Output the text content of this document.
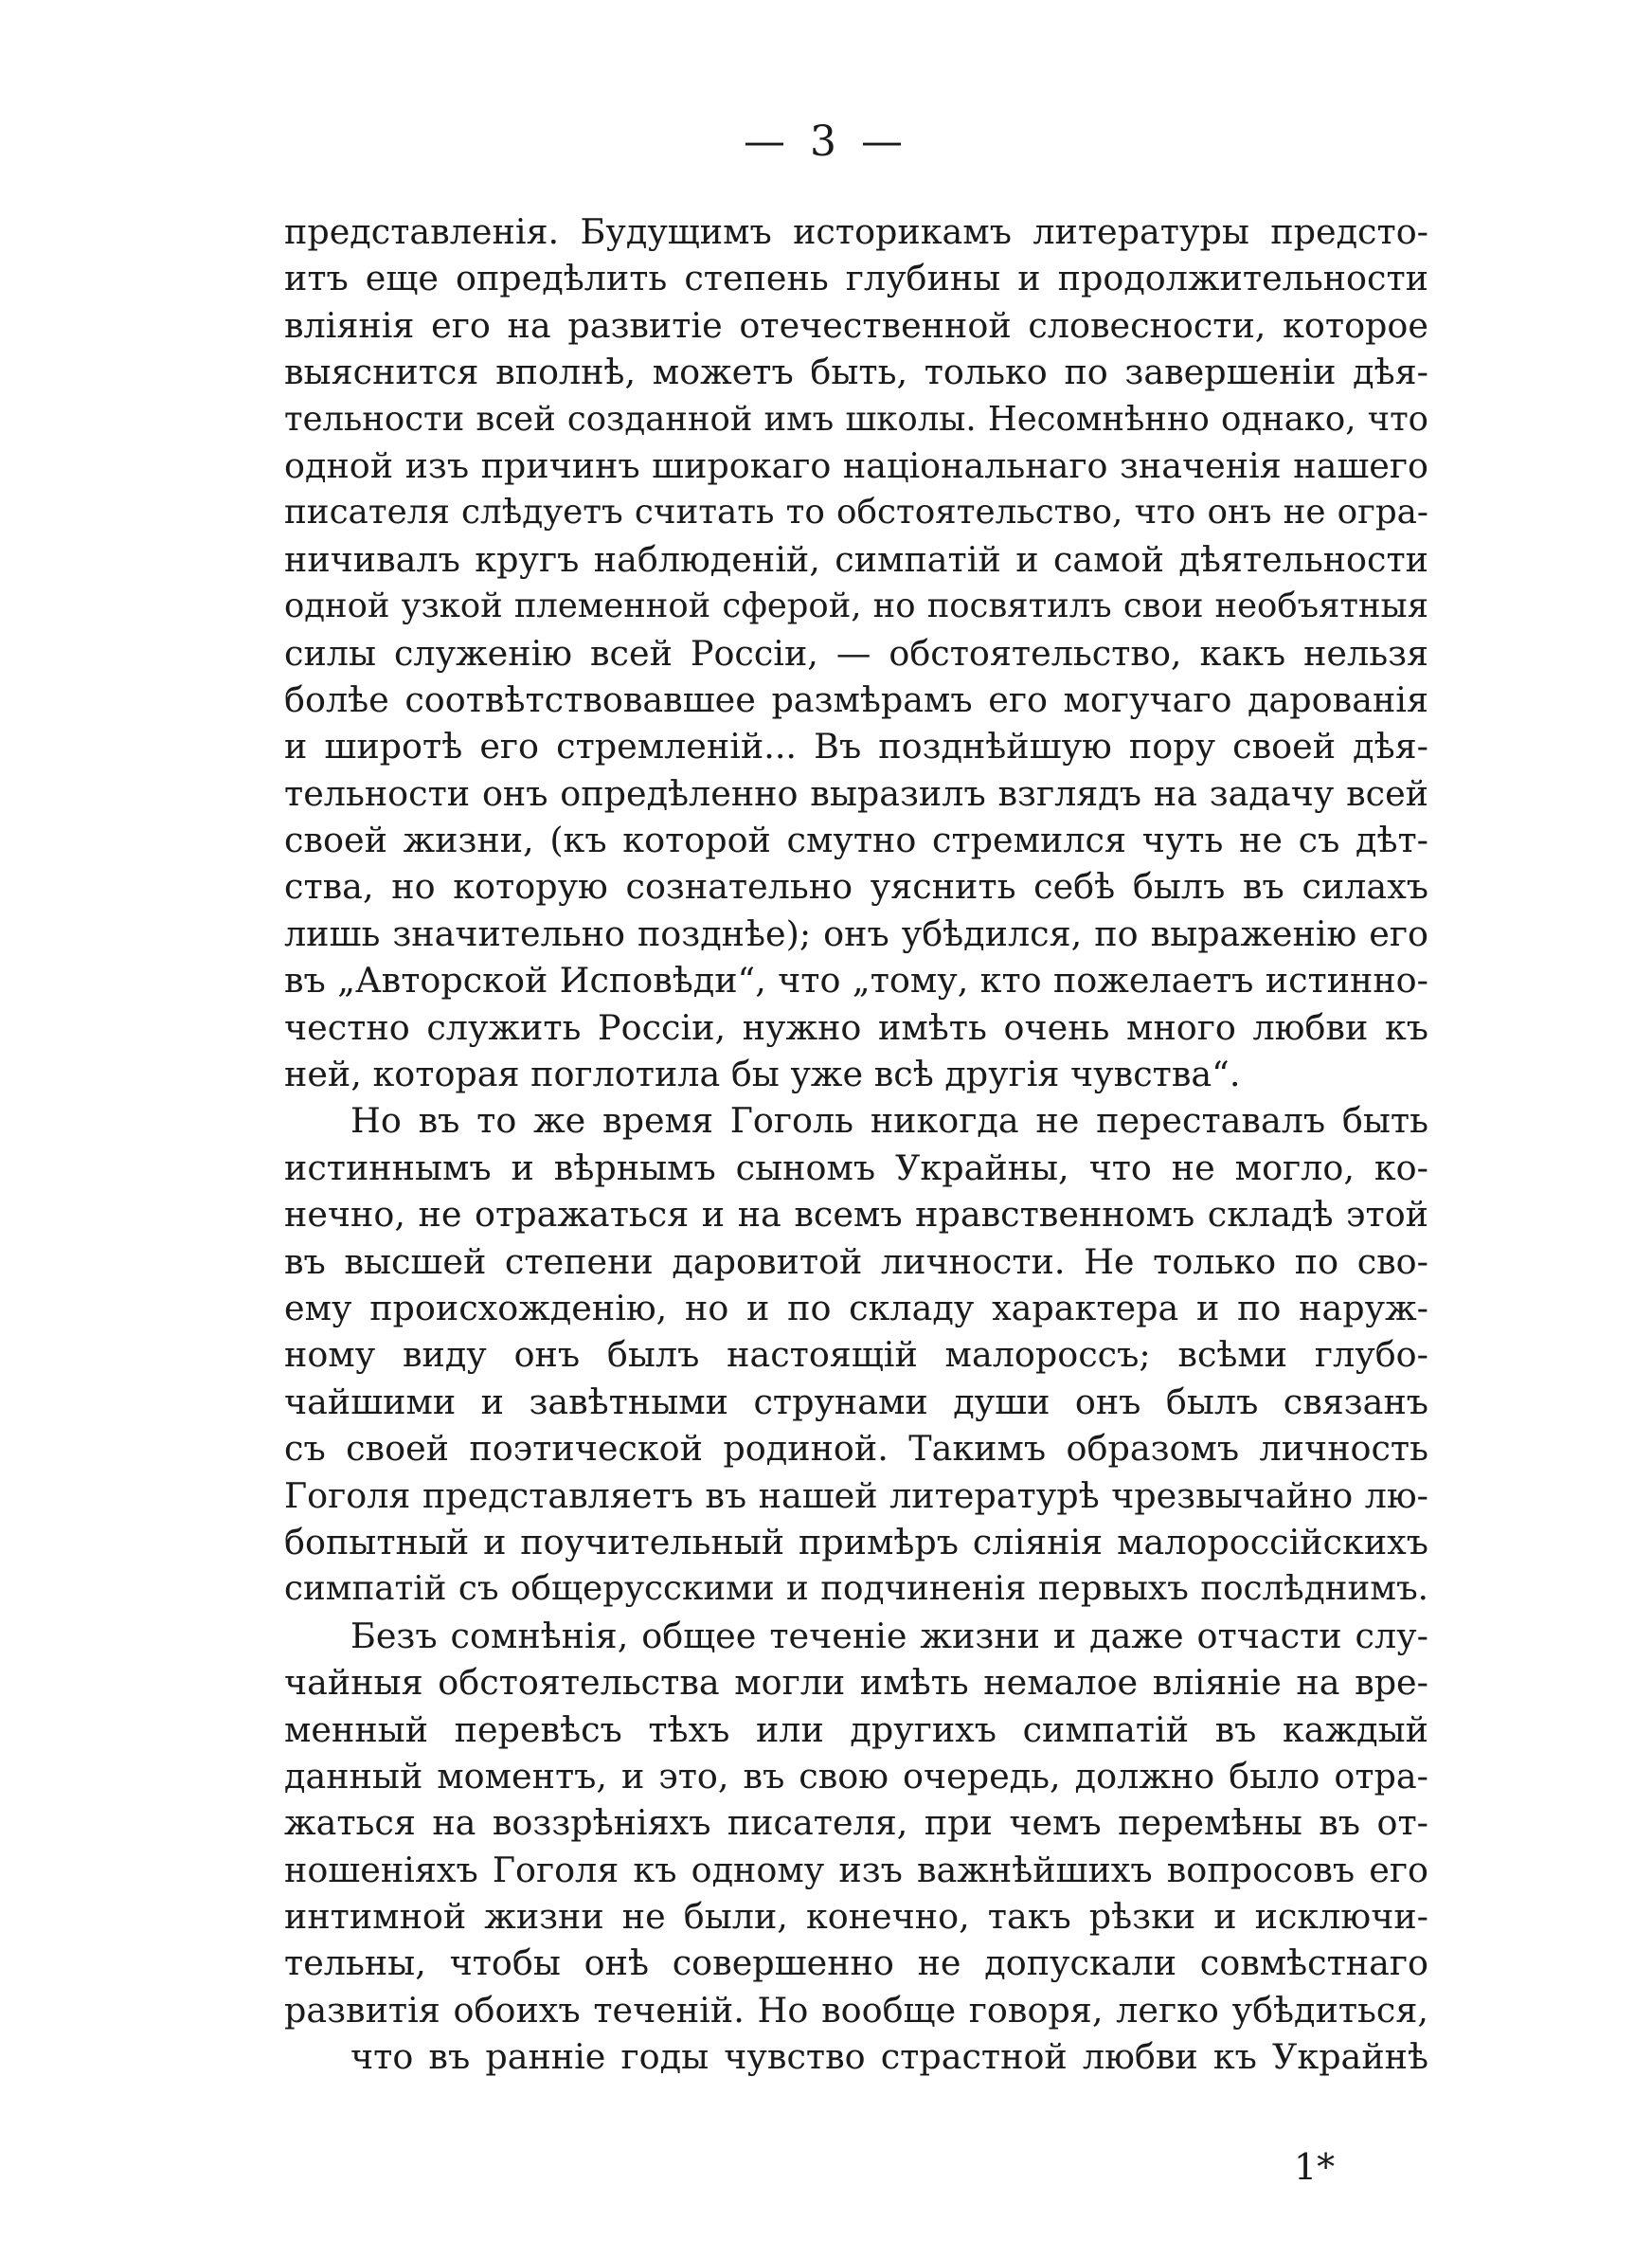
— 3 —
представленія. Будущимъ историкамъ литературы предсто-
итъ еще опредѣлить степень глубины и продолжительности
вліянія его на развитіе отечественной словесности, которое
выяснится вполнѣ, можетъ быть, только по завершеніи дѣя-
тельности всей созданной имъ школы. Несомнѣнно однако, что
одной изъ причинъ широкаго національнаго значенія нашего
писателя слѣдуетъ считать то обстоятельство, что онъ не огра-
ничивалъ кругъ наблюденій, симпатій и самой дѣятельности
одной узкой племенной сферой, но посвятилъ свои необъятныя
силы служенію всей Россіи, — обстоятельство, какъ нельзя
болѣе соотвѣтствовавшее размѣрамъ его могучаго дарованія
и широтѣ его стремленій... Въ позднѣйшую пору своей дѣя-
тельности онъ опредѣленно выразилъ взглядъ на задачу всей
своей жизни, (къ которой смутно стремился чуть не съ дѣт-
ства, но которую сознательно уяснить себѣ былъ въ силахъ
лишь значительно позднѣе); онъ убѣдился, по выраженію его
въ „Авторской Исповѣди“, что „тому, кто пожелаетъ истинно-
честно служить Россіи, нужно имѣть очень много любви къ
ней, которая поглотила бы уже всѣ другія чувства“.
Но въ то же время Гоголь никогда не переставалъ быть
истиннымъ и вѣрнымъ сыномъ Украйны, что не могло, ко-
нечно, не отражаться и на всемъ нравственномъ складѣ этой
въ высшей степени даровитой личности. Не только по сво-
ему происхожденію, но и по складу характера и по наруж-
ному виду онъ былъ настоящій малороссъ; всѣми глубо-
чайшими и завѣтными струнами души онъ былъ связанъ
съ своей поэтической родиной. Такимъ образомъ личность
Гоголя представляетъ въ нашей литературѣ чрезвычайно лю-
бопытный и поучительный примѣръ слiянія малороссійскихъ
симпатій съ общерусскими и подчиненія первыхъ послѣднимъ.
Безъ сомнѣнія, общее теченіе жизни и даже отчасти слу-
чайныя обстоятельства могли имѣть немалое вліяніе на вре-
менный перевѣсъ тѣхъ или другихъ симпатій въ каждый
данный моментъ, и это, въ свою очередь, должно было отра-
жаться на воззрѣніяхъ писателя, при чемъ перемѣны въ от-
ношеніяхъ Гоголя къ одному изъ важнѣйшихъ вопросовъ его
интимной жизни не были, конечно, такъ рѣзки и исключи-
тельны, чтобы онѣ совершенно не допускали совмѣстнаго
развитія обоихъ теченій. Но вообще говоря, легко убѣдиться,
что въ раннiе годы чувство страстной любви къ Украйнѣ
1*
